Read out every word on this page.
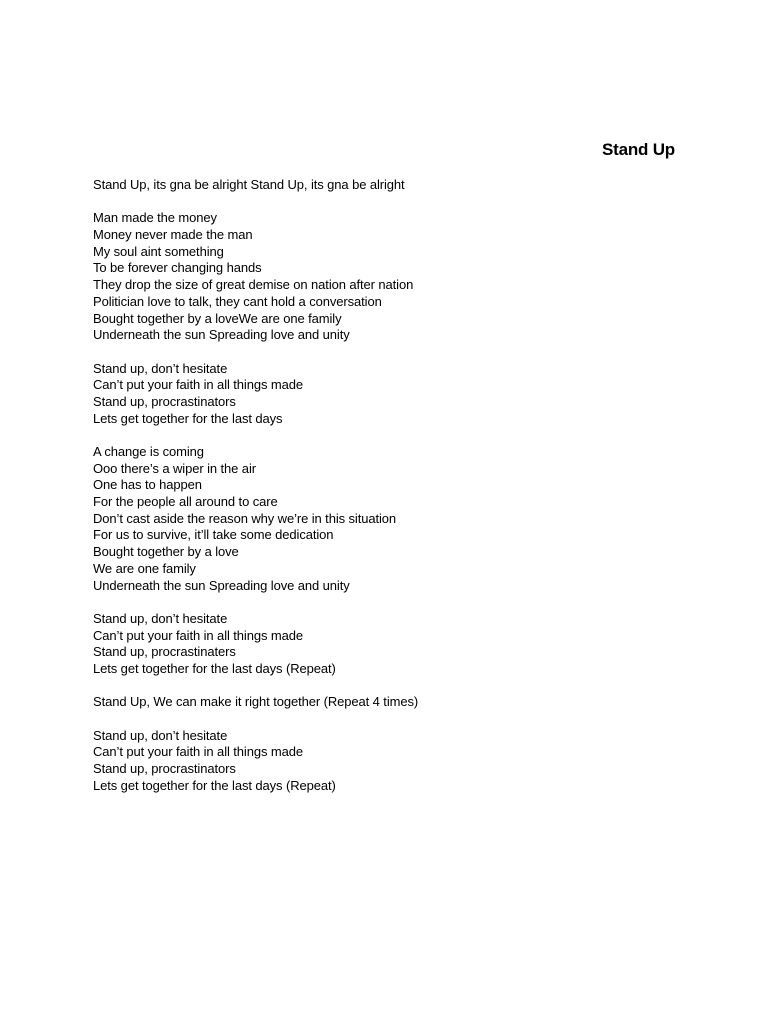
Stand Up
Stand Up, its gna be alright Stand Up, its gna be alright
Man made the money
Money never made the man
My soul aint something
To be forever changing hands
They drop the size of great demise on nation after nation
Politician love to talk, they cant hold a conversation
Bought together by a loveWe are one family
Underneath the sun Spreading love and unity
Stand up, don’t hesitate
Can’t put your faith in all things made
Stand up, procrastinators
Lets get together for the last days
A change is coming
Ooo there’s a wiper in the air
One has to happen
For the people all around to care
Don’t cast aside the reason why we’re in this situation
For us to survive, it’ll take some dedication
Bought together by a love
We are one family
Underneath the sun Spreading love and unity
Stand up, don’t hesitate
Can’t put your faith in all things made
Stand up, procrastinaters
Lets get together for the last days (Repeat)
Stand Up, We can make it right together (Repeat 4 times)
Stand up, don’t hesitate
Can’t put your faith in all things made
Stand up, procrastinators
Lets get together for the last days (Repeat)
